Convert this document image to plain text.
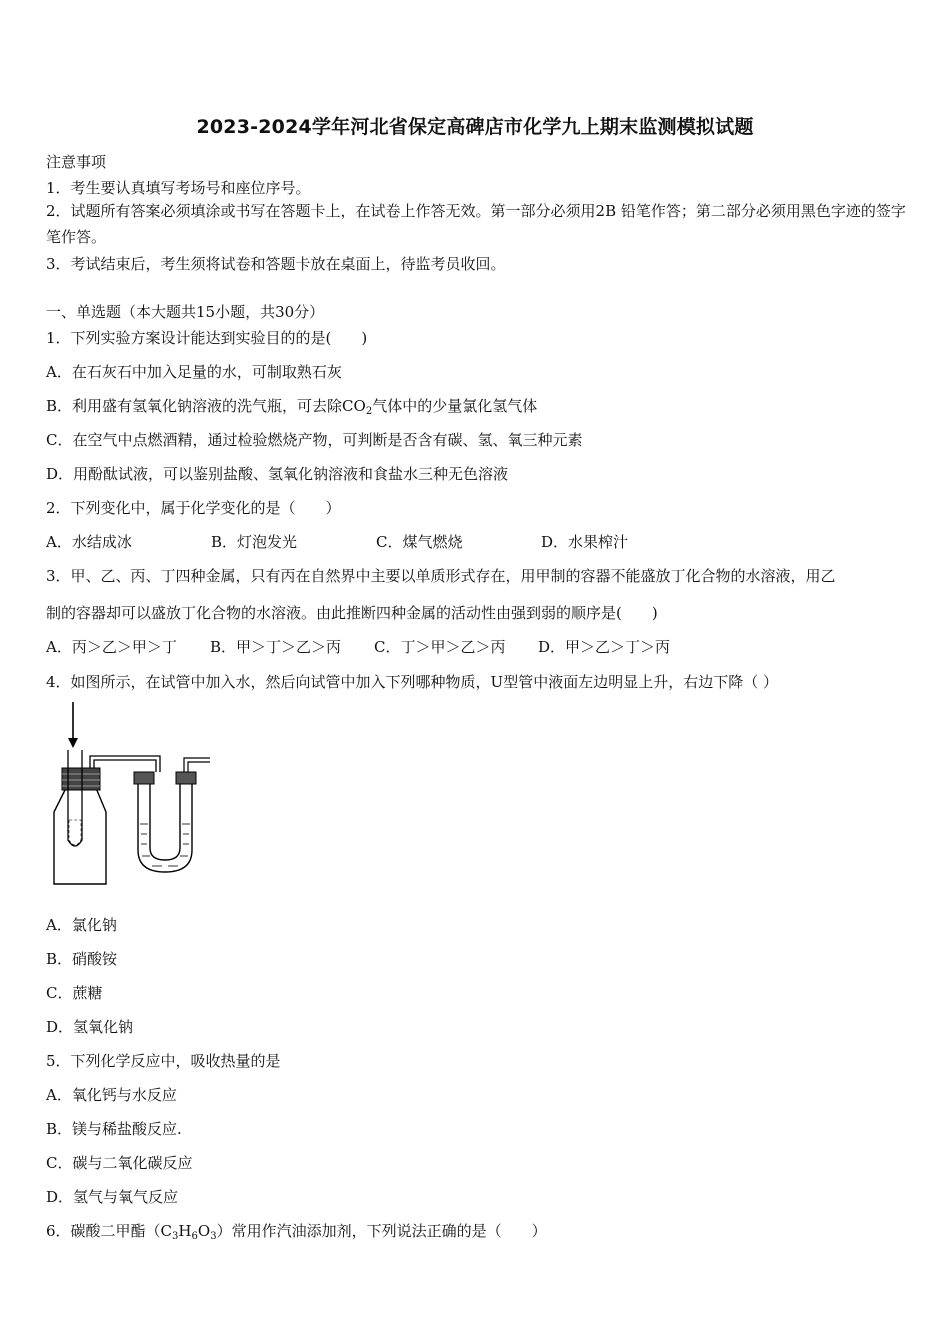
2023-2024学年河北省保定高碑店市化学九上期末监测模拟试题
注意事项
1．考生要认真填写考场号和座位序号。
2．试题所有答案必须填涂或书写在答题卡上，在试卷上作答无效。第一部分必须用2B 铅笔作答；第二部分必须用黑色字迹的签字笔作答。
3．考试结束后，考生须将试卷和答题卡放在桌面上，待监考员收回。
一、单选题（本大题共15小题，共30分）
1．下列实验方案设计能达到实验目的的是(　　)
A．在石灰石中加入足量的水，可制取熟石灰
B．利用盛有氢氧化钠溶液的洗气瓶，可去除$CO_2$气体中的少量氯化氢气体
C．在空气中点燃酒精，通过检验燃烧产物，可判断是否含有碳、氢、氧三种元素
D．用酚酞试液，可以鉴别盐酸、氢氧化钠溶液和食盐水三种无色溶液
2．下列变化中，属于化学变化的是（　　）
A．水结成冰	B．灯泡发光	C．煤气燃烧	D．水果榨汁
3．甲、乙、丙、丁四种金属，只有丙在自然界中主要以单质形式存在，用甲制的容器不能盛放丁化合物的水溶液，用乙
制的容器却可以盛放丁化合物的水溶液。由此推断四种金属的活动性由强到弱的顺序是(　　)
A．丙＞乙＞甲＞丁	B．甲＞丁＞乙＞丙	C．丁＞甲＞乙＞丙	D．甲＞乙＞丁＞丙
4．如图所示，在试管中加入水，然后向试管中加入下列哪种物质，U型管中液面左边明显上升，右边下降（ ）
A．氯化钠
B．硝酸铵
C．蔗糖
D．氢氧化钠
5．下列化学反应中，吸收热量的是
A．氧化钙与水反应
B．镁与稀盐酸反应.
C．碳与二氧化碳反应
D．氢气与氧气反应
6．碳酸二甲酯$(C_3H_6O_3)$常用作汽油添加剂，下列说法正确的是（　　）
